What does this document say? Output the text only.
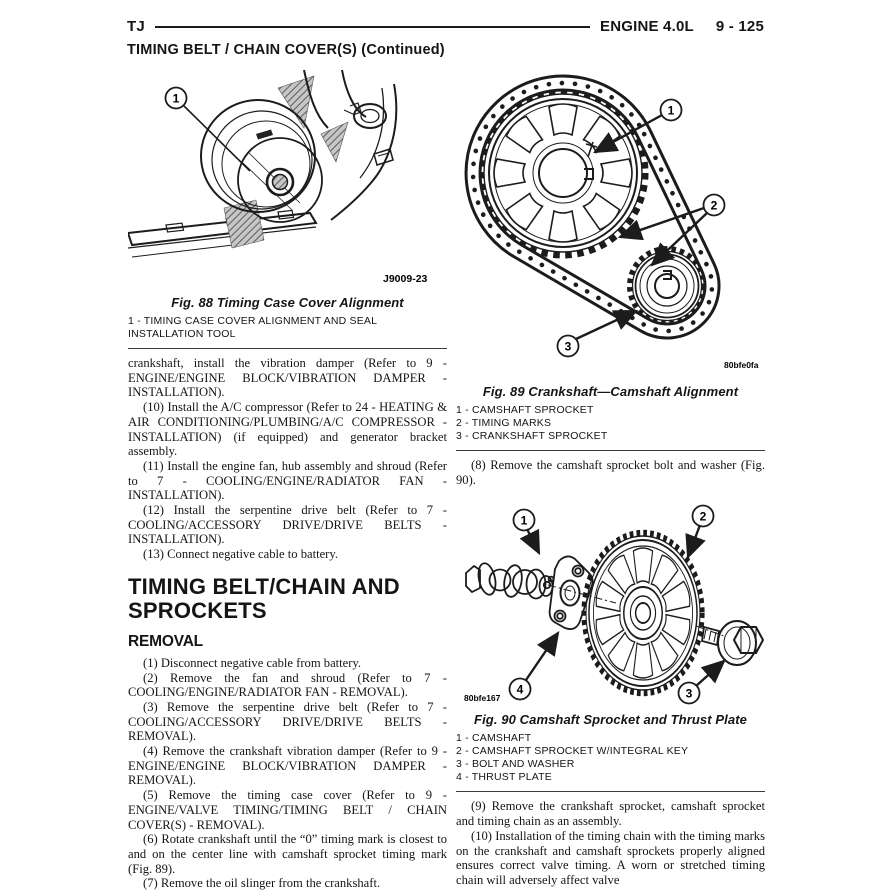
TJ	ENGINE 4.0L 9 - 125
TIMING BELT / CHAIN COVER(S) (Continued)
1
J9009-23
Fig. 88 Timing Case Cover Alignment
1 - TIMING CASE COVER ALIGNMENT AND SEAL INSTALLATION TOOL

crankshaft, install the vibration damper (Refer to 9 - ENGINE/ENGINE BLOCK/VIBRATION DAMPER - INSTALLATION).

(10) Install the A/C compressor (Refer to 24 - HEATING & AIR CONDITIONING/PLUMBING/A/C COMPRESSOR - INSTALLATION) (if equipped) and generator bracket assembly.

(11) Install the engine fan, hub assembly and shroud (Refer to 7 - COOLING/ENGINE/RADIATOR FAN - INSTALLATION).

(12) Install the serpentine drive belt (Refer to 7 - COOLING/ACCESSORY DRIVE/DRIVE BELTS - INSTALLATION).

(13) Connect negative cable to battery.

TIMING BELT/CHAIN AND SPROCKETS
REMOVAL

(1) Disconnect negative cable from battery.

(2) Remove the fan and shroud (Refer to 7 - COOLING/ENGINE/RADIATOR FAN - REMOVAL).

(3) Remove the serpentine drive belt (Refer to 7 - COOLING/ACCESSORY DRIVE/DRIVE BELTS - REMOVAL).

(4) Remove the crankshaft vibration damper (Refer to 9 - ENGINE/ENGINE BLOCK/VIBRATION DAMPER - REMOVAL).

(5) Remove the timing case cover (Refer to 9 - ENGINE/VALVE TIMING/TIMING BELT / CHAIN COVER(S) - REMOVAL).

(6) Rotate crankshaft until the “0” timing mark is closest to and on the center line with camshaft sprocket timing mark (Fig. 89).

(7) Remove the oil slinger from the crankshaft.

1
2
3
80bfe0fa
Fig. 89 Crankshaft—Camshaft Alignment
1 - CAMSHAFT SPROCKET
2 - TIMING MARKS
3 - CRANKSHAFT SPROCKET

(8) Remove the camshaft sprocket bolt and washer (Fig. 90).

1	2
3
4
80bfe167
Fig. 90 Camshaft Sprocket and Thrust Plate
1 - CAMSHAFT
2 - CAMSHAFT SPROCKET W/INTEGRAL KEY
3 - BOLT AND WASHER
4 - THRUST PLATE

(9) Remove the crankshaft sprocket, camshaft sprocket and timing chain as an assembly.

(10) Installation of the timing chain with the timing marks on the crankshaft and camshaft sprockets properly aligned ensures correct valve timing. A worn or stretched timing chain will adversely affect valve
